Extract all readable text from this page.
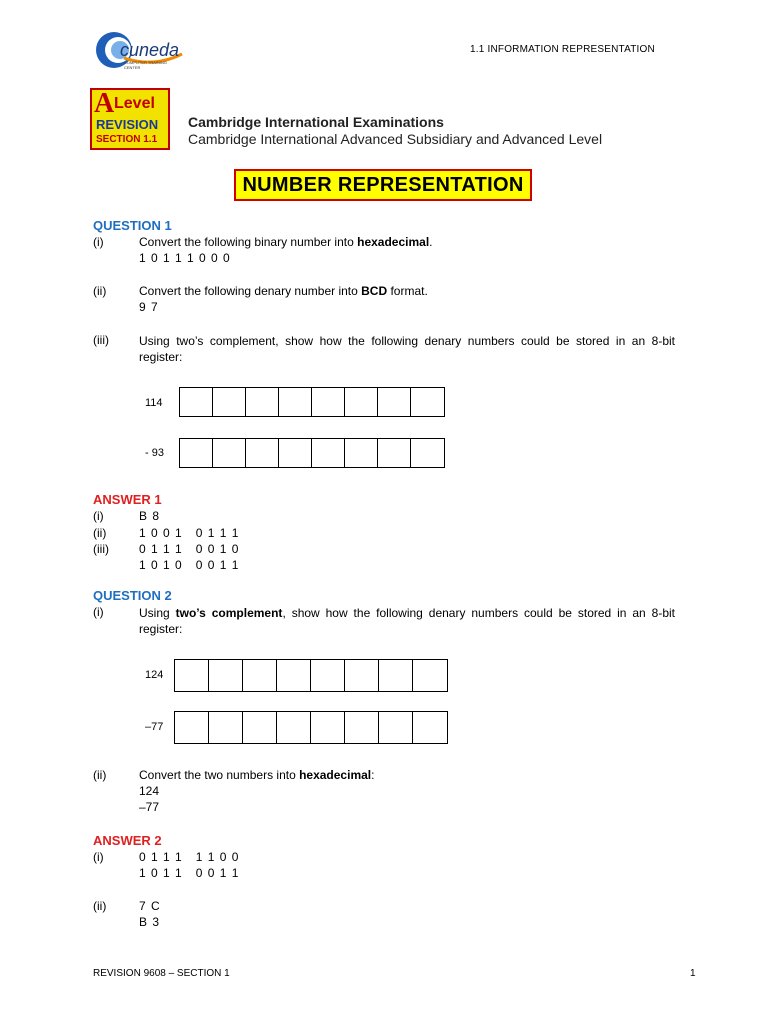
cuneda
COMPUTER TRAINING CENTER
1.1 INFORMATION REPRESENTATION
A Level
REVISION
SECTION 1.1
Cambridge International Examinations
Cambridge International Advanced Subsidiary and Advanced Level
NUMBER REPRESENTATION
QUESTION 1
(i)	Convert the following binary number into hexadecimal.
1 0 1 1 1 0 0 0
(ii)	Convert the following denary number into BCD format.
9 7
(iii)	Using two’s complement, show how the following denary numbers could be stored in an 8-bit register:
114
- 93
ANSWER 1
(i)	B 8
(ii)	1 0 0 1   0 1 1 1
(iii)	0 1 1 1   0 0 1 0
1 0 1 0   0 0 1 1
QUESTION 2
(i)	Using two’s complement, show how the following denary numbers could be stored in an 8-bit register:
124
–77
(ii)	Convert the two numbers into hexadecimal:
124
–77
ANSWER 2
(i)	0 1 1 1   1 1 0 0
1 0 1 1   0 0 1 1
(ii)	7 C
B 3
REVISION 9608 – SECTION 1	1
